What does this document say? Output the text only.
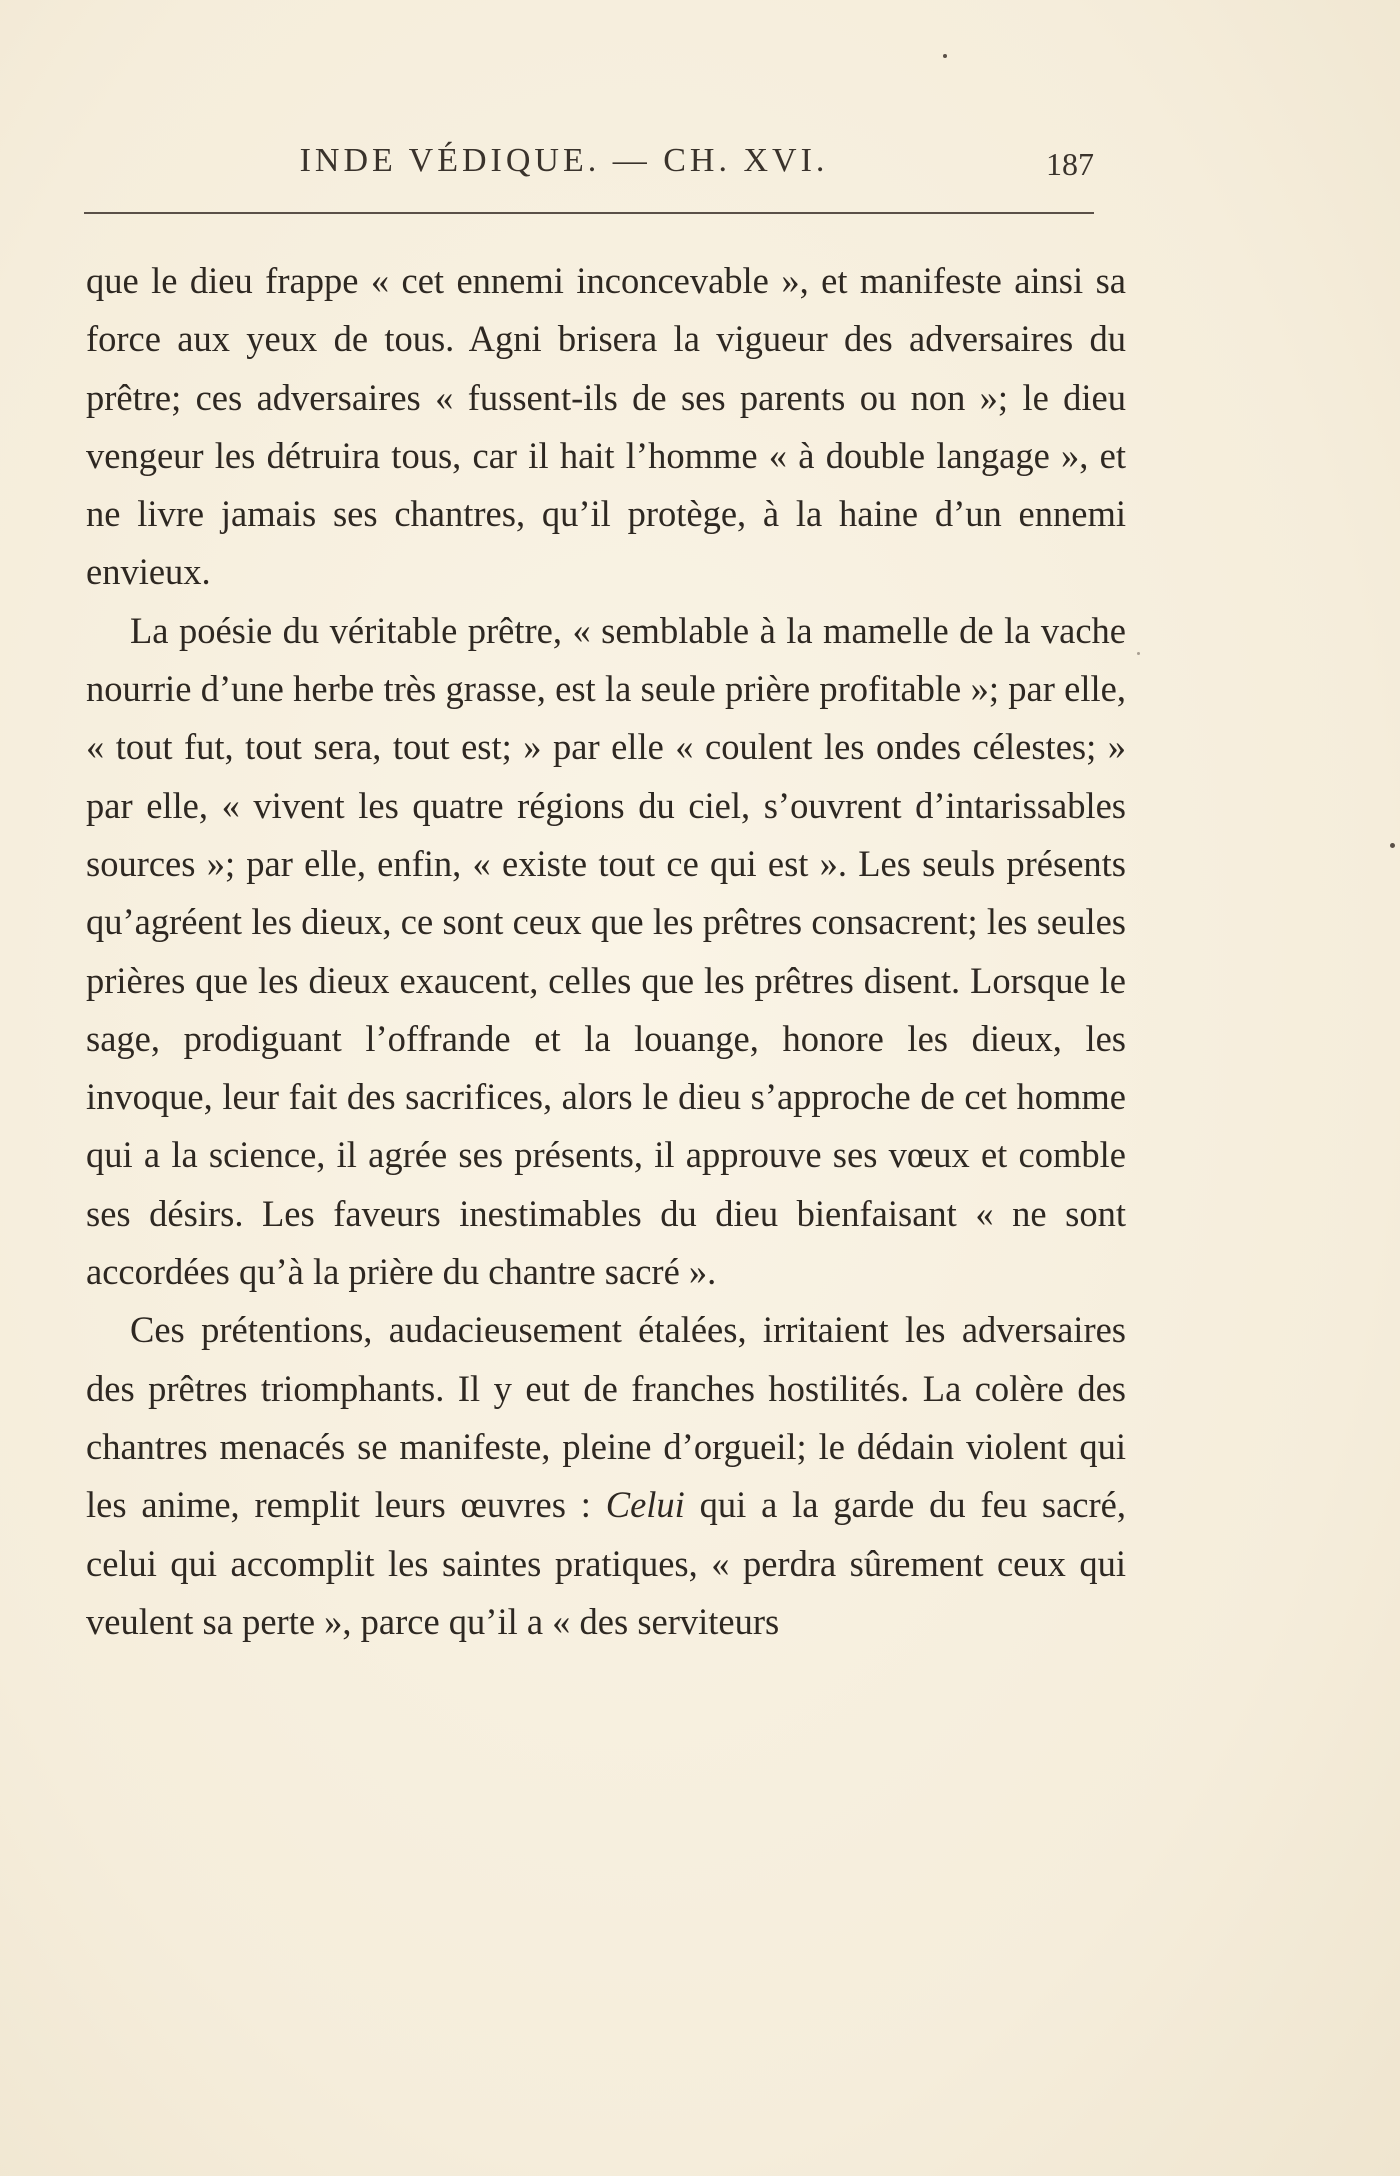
INDE VÉDIQUE. — CH. XVI.	187

que le dieu frappe « cet ennemi inconcevable », et manifeste ainsi sa force aux yeux de tous. Agni brisera la vigueur des adversaires du prêtre; ces adversaires « fussent-ils de ses parents ou non »; le dieu vengeur les détruira tous, car il hait l’homme « à double langage », et ne livre jamais ses chantres, qu’il protège, à la haine d’un ennemi envieux.

La poésie du véritable prêtre, « semblable à la mamelle de la vache nourrie d’une herbe très grasse, est la seule prière profitable »; par elle, « tout fut, tout sera, tout est; » par elle « coulent les ondes célestes; » par elle, « vivent les quatre régions du ciel, s’ouvrent d’intarissables sources »; par elle, enfin, « existe tout ce qui est ». Les seuls présents qu’agréent les dieux, ce sont ceux que les prêtres consacrent; les seules prières que les dieux exaucent, celles que les prêtres disent. Lorsque le sage, prodiguant l’offrande et la louange, honore les dieux, les invoque, leur fait des sacrifices, alors le dieu s’approche de cet homme qui a la science, il agrée ses présents, il approuve ses vœux et comble ses désirs. Les faveurs inestimables du dieu bienfaisant « ne sont accordées qu’à la prière du chantre sacré ».

Ces prétentions, audacieusement étalées, irritaient les adversaires des prêtres triomphants. Il y eut de franches hostilités. La colère des chantres menacés se manifeste, pleine d’orgueil; le dédain violent qui les anime, remplit leurs œuvres : Celui qui a la garde du feu sacré, celui qui accomplit les saintes pratiques, « perdra sûrement ceux qui veulent sa perte », parce qu’il a « des serviteurs
